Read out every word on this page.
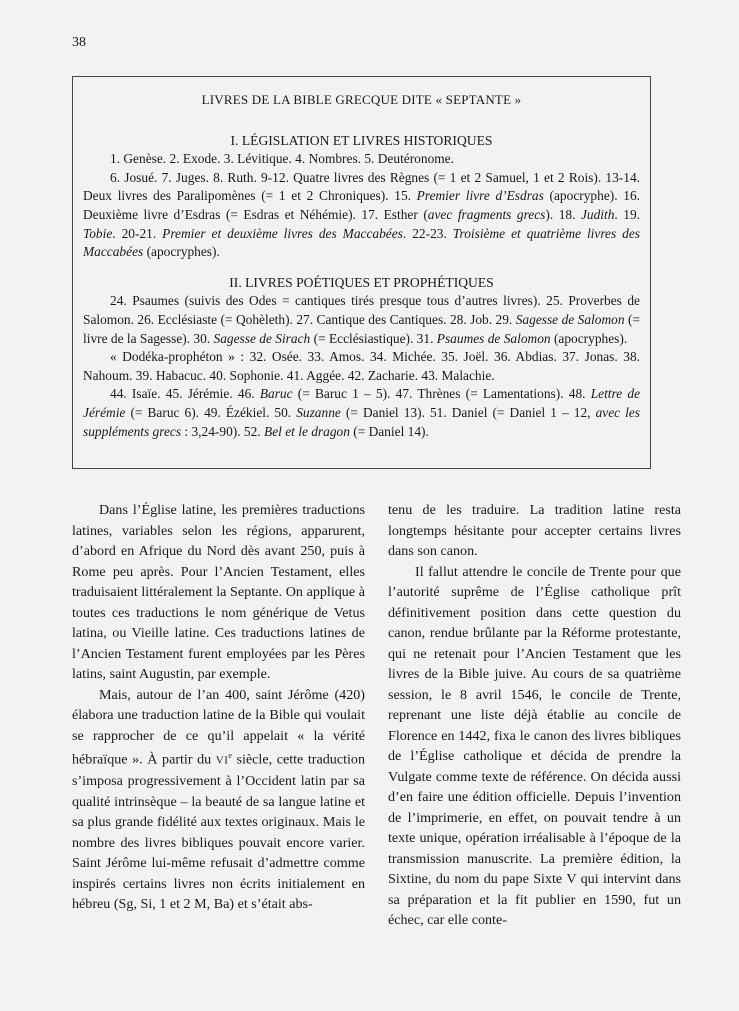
38
LIVRES DE LA BIBLE GRECQUE DITE « SEPTANTE »
I. LÉGISLATION ET LIVRES HISTORIQUES

1. Genèse. 2. Exode. 3. Lévitique. 4. Nombres. 5. Deutéronome.

6. Josué. 7. Juges. 8. Ruth. 9-12. Quatre livres des Règnes (= 1 et 2 Samuel, 1 et 2 Rois). 13-14. Deux livres des Paralipomènes (= 1 et 2 Chroniques). 15. Premier livre d’Esdras (apocryphe). 16. Deuxième livre d’Esdras (= Esdras et Néhémie). 17. Esther (avec fragments grecs). 18. Judith. 19. Tobie. 20-21. Premier et deuxième livres des Maccabées. 22-23. Troisième et quatrième livres des Maccabées (apocryphes).

II. LIVRES POÉTIQUES ET PROPHÉTIQUES

24. Psaumes (suivis des Odes = cantiques tirés presque tous d’autres livres). 25. Proverbes de Salomon. 26. Ecclésiaste (= Qohèleth). 27. Cantique des Cantiques. 28. Job. 29. Sagesse de Salomon (= livre de la Sagesse). 30. Sagesse de Sirach (= Ecclésiastique). 31. Psaumes de Salomon (apocryphes).

« Dodéka-prophéton » : 32. Osée. 33. Amos. 34. Michée. 35. Joël. 36. Abdias. 37. Jonas. 38. Nahoum. 39. Habacuc. 40. Sophonie. 41. Aggée. 42. Zacharie. 43. Malachie.

44. Isaïe. 45. Jérémie. 46. Baruc (= Baruc 1 – 5). 47. Thrènes (= Lamentations). 48. Lettre de Jérémie (= Baruc 6). 49. Ézékiel. 50. Suzanne (= Daniel 13). 51. Daniel (= Daniel 1 – 12, avec les suppléments grecs : 3,24-90). 52. Bel et le dragon (= Daniel 14).

Dans l’Église latine, les premières traductions latines, variables selon les régions, apparurent, d’abord en Afrique du Nord dès avant 250, puis à Rome peu après. Pour l’Ancien Testament, elles traduisaient littéralement la Septante. On applique à toutes ces traductions le nom générique de Vetus latina, ou Vieille latine. Ces traductions latines de l’Ancien Testament furent employées par les Pères latins, saint Augustin, par exemple.

Mais, autour de l’an 400, saint Jérôme (420) élabora une traduction latine de la Bible qui voulait se rapprocher de ce qu’il appelait « la vérité hébraïque ». À partir du VIe siècle, cette traduction s’imposa progressivement à l’Occident latin par sa qualité intrinsèque – la beauté de sa langue latine et sa plus grande fidélité aux textes originaux. Mais le nombre des livres bibliques pouvait encore varier. Saint Jérôme lui-même refusait d’admettre comme inspirés certains livres non écrits initialement en hébreu (Sg, Si, 1 et 2 M, Ba) et s’était abs-

tenu de les traduire. La tradition latine resta longtemps hésitante pour accepter certains livres dans son canon.

Il fallut attendre le concile de Trente pour que l’autorité suprême de l’Église catholique prît définitivement position dans cette question du canon, rendue brûlante par la Réforme protestante, qui ne retenait pour l’Ancien Testament que les livres de la Bible juive. Au cours de sa quatrième session, le 8 avril 1546, le concile de Trente, reprenant une liste déjà établie au concile de Florence en 1442, fixa le canon des livres bibliques de l’Église catholique et décida de prendre la Vulgate comme texte de référence. On décida aussi d’en faire une édition officielle. Depuis l’invention de l’imprimerie, en effet, on pouvait tendre à un texte unique, opération irréalisable à l’époque de la transmission manuscrite. La première édition, la Sixtine, du nom du pape Sixte V qui intervint dans sa préparation et la fit publier en 1590, fut un échec, car elle conte-
